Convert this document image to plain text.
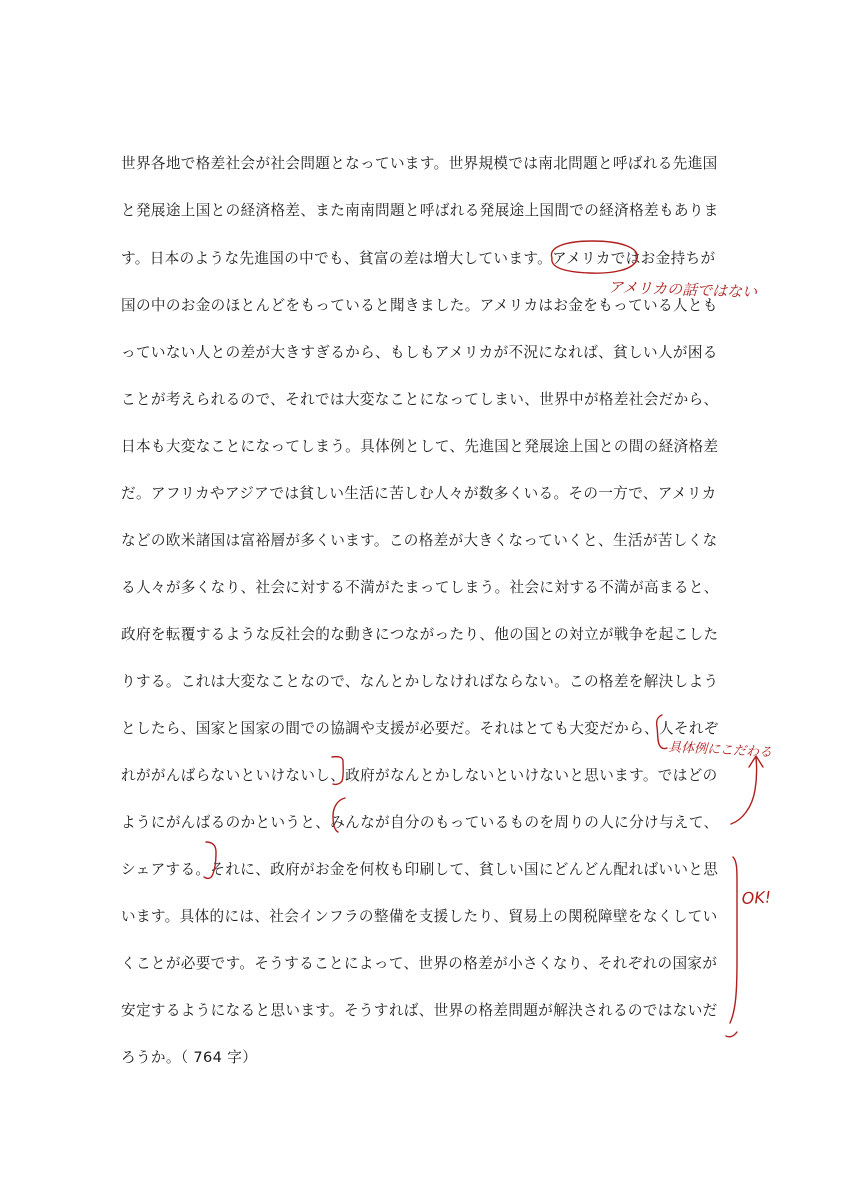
世界各地で格差社会が社会問題となっています。世界規模では南北問題と呼ばれる先進国
と発展途上国との経済格差、また南南問題と呼ばれる発展途上国間での経済格差もありま
す。日本のような先進国の中でも、貧富の差は増大しています。アメリカではお金持ちが
国の中のお金のほとんどをもっていると聞きました。アメリカはお金をもっている人とも
っていない人との差が大きすぎるから、もしもアメリカが不況になれば、貧しい人が困る
ことが考えられるので、それでは大変なことになってしまい、世界中が格差社会だから、
日本も大変なことになってしまう。具体例として、先進国と発展途上国との間の経済格差
だ。アフリカやアジアでは貧しい生活に苦しむ人々が数多くいる。その一方で、アメリカ
などの欧米諸国は富裕層が多くいます。この格差が大きくなっていくと、生活が苦しくな
る人々が多くなり、社会に対する不満がたまってしまう。社会に対する不満が高まると、
政府を転覆するような反社会的な動きにつながったり、他の国との対立が戦争を起こした
りする。これは大変なことなので、なんとかしなければならない。この格差を解決しよう
としたら、国家と国家の間での協調や支援が必要だ。それはとても大変だから、人それぞ
れががんばらないといけないし、政府がなんとかしないといけないと思います。ではどの
ようにがんばるのかというと、みんなが自分のもっているものを周りの人に分け与えて、
シェアする。それに、政府がお金を何枚も印刷して、貧しい国にどんどん配ればいいと思
います。具体的には、社会インフラの整備を支援したり、貿易上の関税障壁をなくしてい
くことが必要です。そうすることによって、世界の格差が小さくなり、それぞれの国家が
安定するようになると思います。そうすれば、世界の格差問題が解決されるのではないだ
ろうか。（ 764 字）
アメリカの話ではない
具体例にこだわる
OK!
